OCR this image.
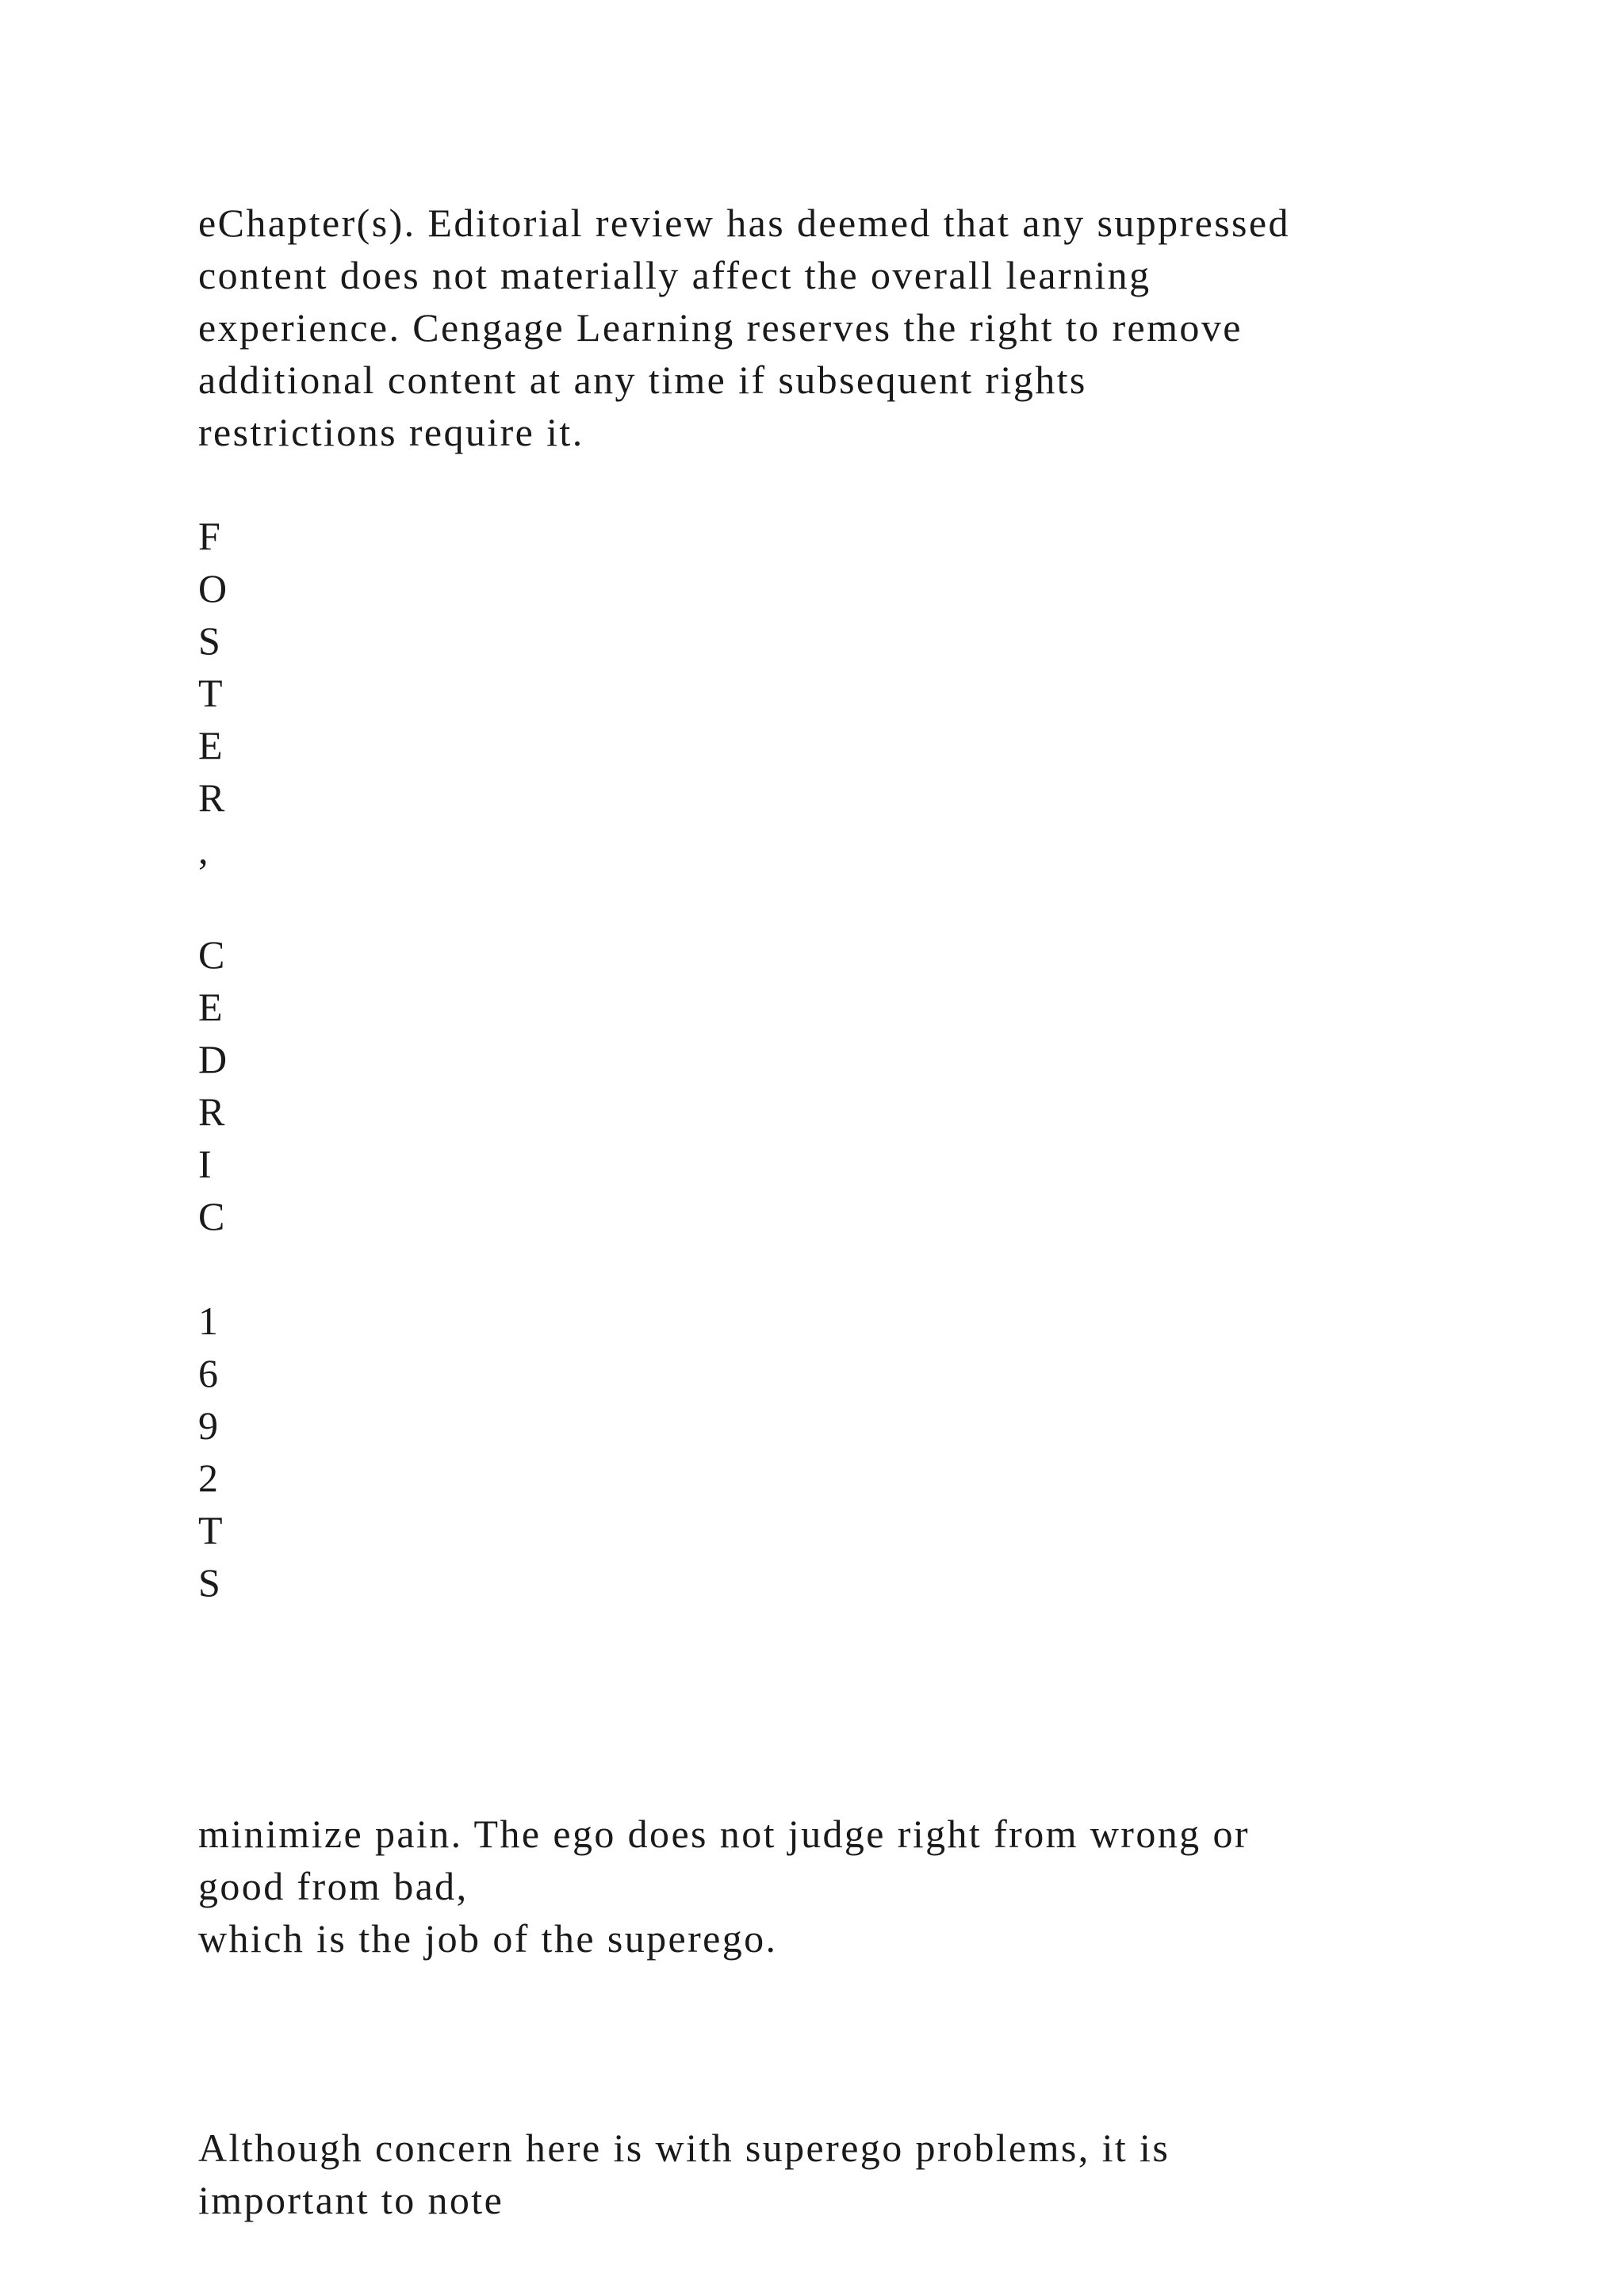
eChapter(s). Editorial review has deemed that any suppressed
content does not materially affect the overall learning
experience. Cengage Learning reserves the right to remove
additional content at any time if subsequent rights
restrictions require it.
F
O
S
T
E
R
,
C
E
D
R
I
C
1
6
9
2
T
S

minimize pain. The ego does not judge right from wrong or
good from bad,
which is the job of the superego.

Although concern here is with superego problems, it is
important to note
